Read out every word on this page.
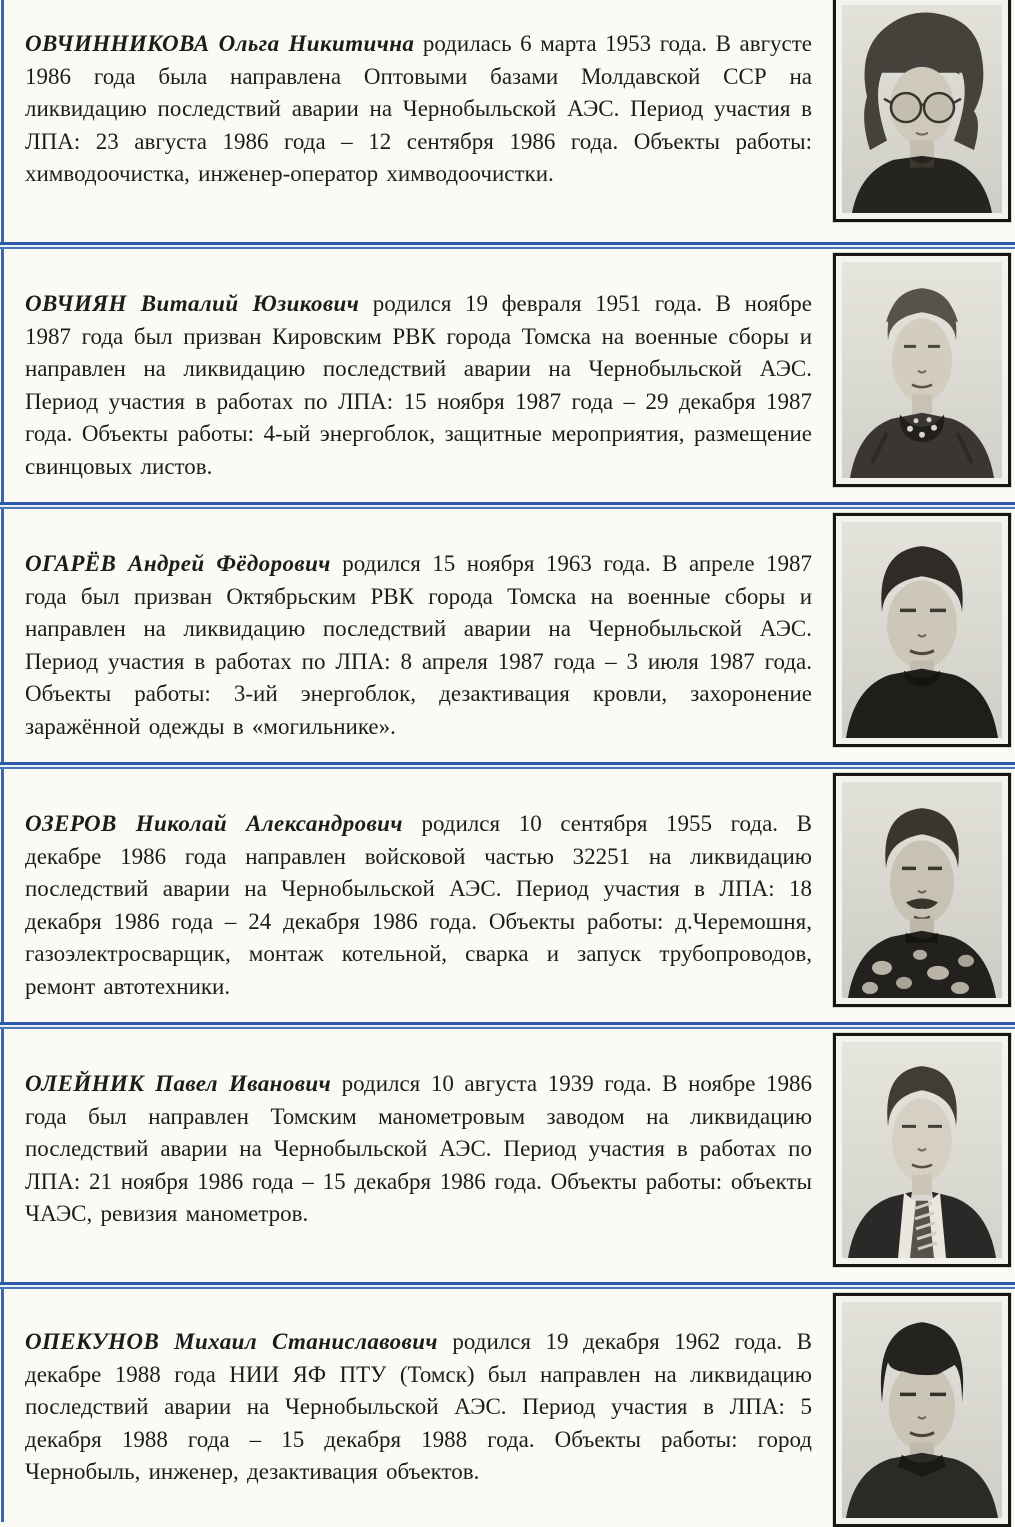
ОВЧИННИКОВА Ольга Никитична родилась 6 марта 1953 года. В августе 1986 года была направлена Оптовыми базами Молдавской ССР на ликвидацию последствий аварии на Чернобыльской АЭС. Период участия в ЛПА: 23 августа 1986 года – 12 сентября 1986 года. Объекты работы: химводоочистка, инженер-оператор химводоочистки.

ОВЧИЯН Виталий Юзикович родился 19 февраля 1951 года. В ноябре 1987 года был призван Кировским РВК города Томска на военные сборы и направлен на ликвидацию последствий аварии на Чернобыльской АЭС. Период участия в работах по ЛПА: 15 ноября 1987 года – 29 декабря 1987 года. Объекты работы: 4-ый энергоблок, защитные мероприятия, размещение свинцовых листов.

ОГАРЁВ Андрей Фёдорович родился 15 ноября 1963 года. В апреле 1987 года был призван Октябрьским РВК города Томска на военные сборы и направлен на ликвидацию последствий аварии на Чернобыльской АЭС. Период участия в работах по ЛПА: 8 апреля 1987 года – 3 июля 1987 года. Объекты работы: 3-ий энергоблок, дезактивация кровли, захоронение заражённой одежды в «могильнике».

ОЗЕРОВ Николай Александрович родился 10 сентября 1955 года. В декабре 1986 года направлен войсковой частью 32251 на ликвидацию последствий аварии на Чернобыльской АЭС. Период участия в ЛПА: 18 декабря 1986 года – 24 декабря 1986 года. Объекты работы: д.Черемошня, газоэлектросварщик, монтаж котельной, сварка и запуск трубопроводов, ремонт автотехники.

ОЛЕЙНИК Павел Иванович родился 10 августа 1939 года. В ноябре 1986 года был направлен Томским манометровым заводом на ликвидацию последствий аварии на Чернобыльской АЭС. Период участия в работах по ЛПА: 21 ноября 1986 года – 15 декабря 1986 года. Объекты работы: объекты ЧАЭС, ревизия манометров.

ОПЕКУНОВ Михаил Станиславович родился 19 декабря 1962 года. В декабре 1988 года НИИ ЯФ ПТУ (Томск) был направлен на ликвидацию последствий аварии на Чернобыльской АЭС. Период участия в ЛПА: 5 декабря 1988 года – 15 декабря 1988 года. Объекты работы: город Чернобыль, инженер, дезактивация объектов.
